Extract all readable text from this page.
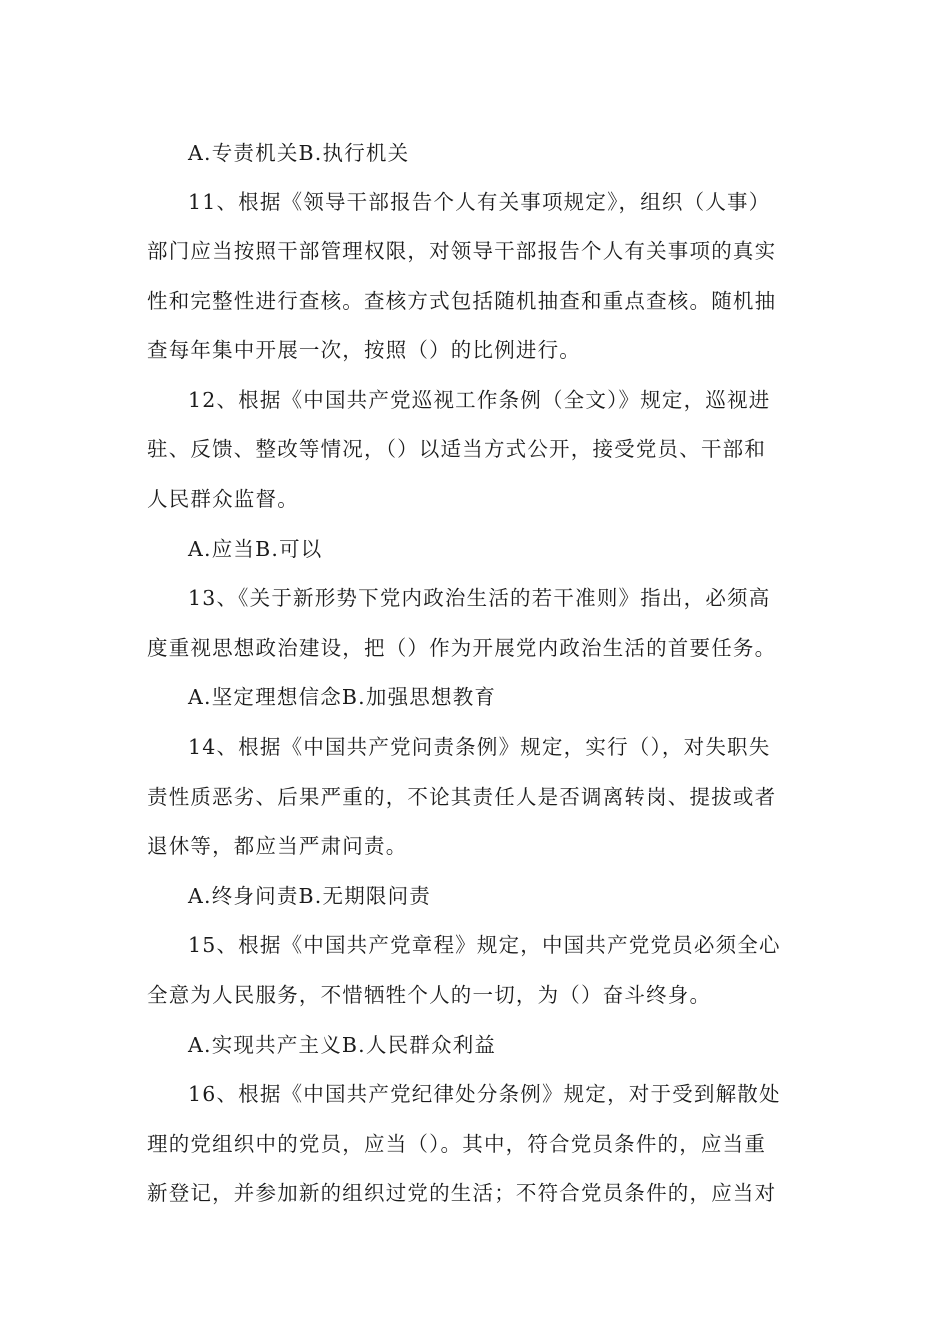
A.专责机关B.执行机关
11、根据《领导干部报告个人有关事项规定》，组织（人事）
部门应当按照干部管理权限，对领导干部报告个人有关事项的真实
性和完整性进行查核。查核方式包括随机抽查和重点查核。随机抽
查每年集中开展一次，按照（）的比例进行。
12、根据《中国共产党巡视工作条例（全文）》规定，巡视进
驻、反馈、整改等情况，（）以适当方式公开，接受党员、干部和
人民群众监督。
A.应当B.可以
13、《关于新形势下党内政治生活的若干准则》指出，必须高
度重视思想政治建设，把（）作为开展党内政治生活的首要任务。
A.坚定理想信念B.加强思想教育
14、根据《中国共产党问责条例》规定，实行（），对失职失
责性质恶劣、后果严重的，不论其责任人是否调离转岗、提拔或者
退休等，都应当严肃问责。
A.终身问责B.无期限问责
15、根据《中国共产党章程》规定，中国共产党党员必须全心
全意为人民服务，不惜牺牲个人的一切，为（）奋斗终身。
A.实现共产主义B.人民群众利益
16、根据《中国共产党纪律处分条例》规定，对于受到解散处
理的党组织中的党员，应当（）。其中，符合党员条件的，应当重
新登记，并参加新的组织过党的生活；不符合党员条件的，应当对
